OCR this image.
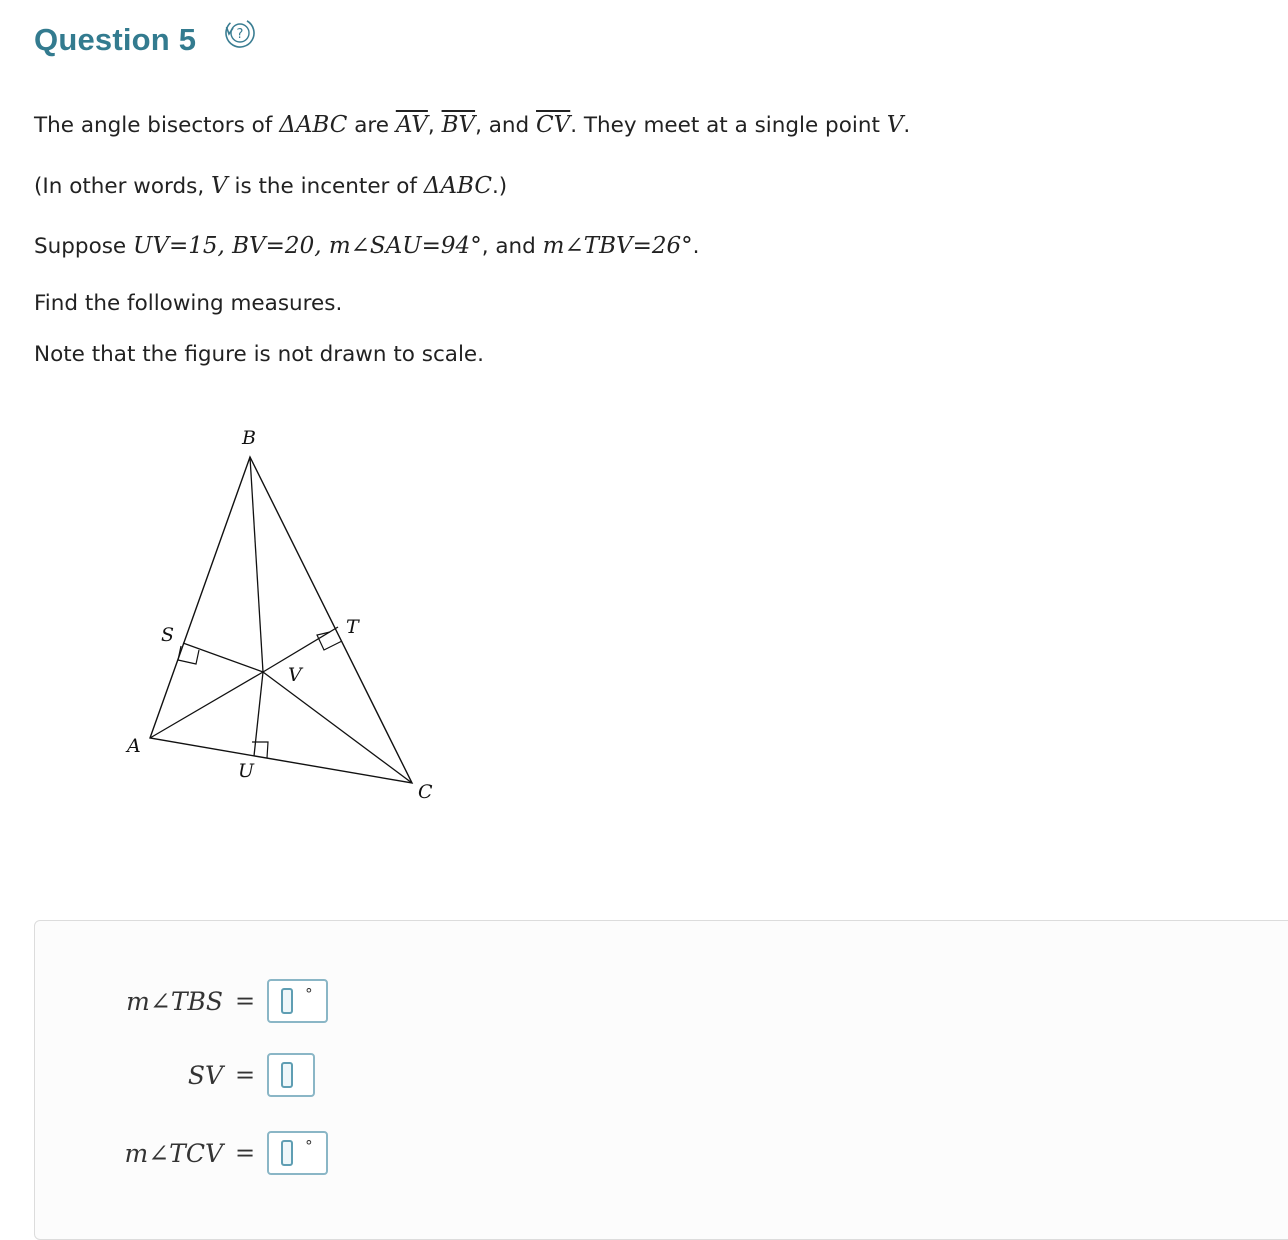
Question 5	?
The angle bisectors of ΔABC are $\overline{AV}$, $\overline{BV}$, and $\overline{CV}$. They meet at a single point V.
(In other words, V is the incenter of ΔABC.)
Suppose UV=15, BV=20, m∠SAU=94°, and m∠TBV=26°.
Find the following measures.
Note that the figure is not drawn to scale.
B
S	T
V
A
U
C
m∠TBS =	°
SV =
m∠TCV =	°
